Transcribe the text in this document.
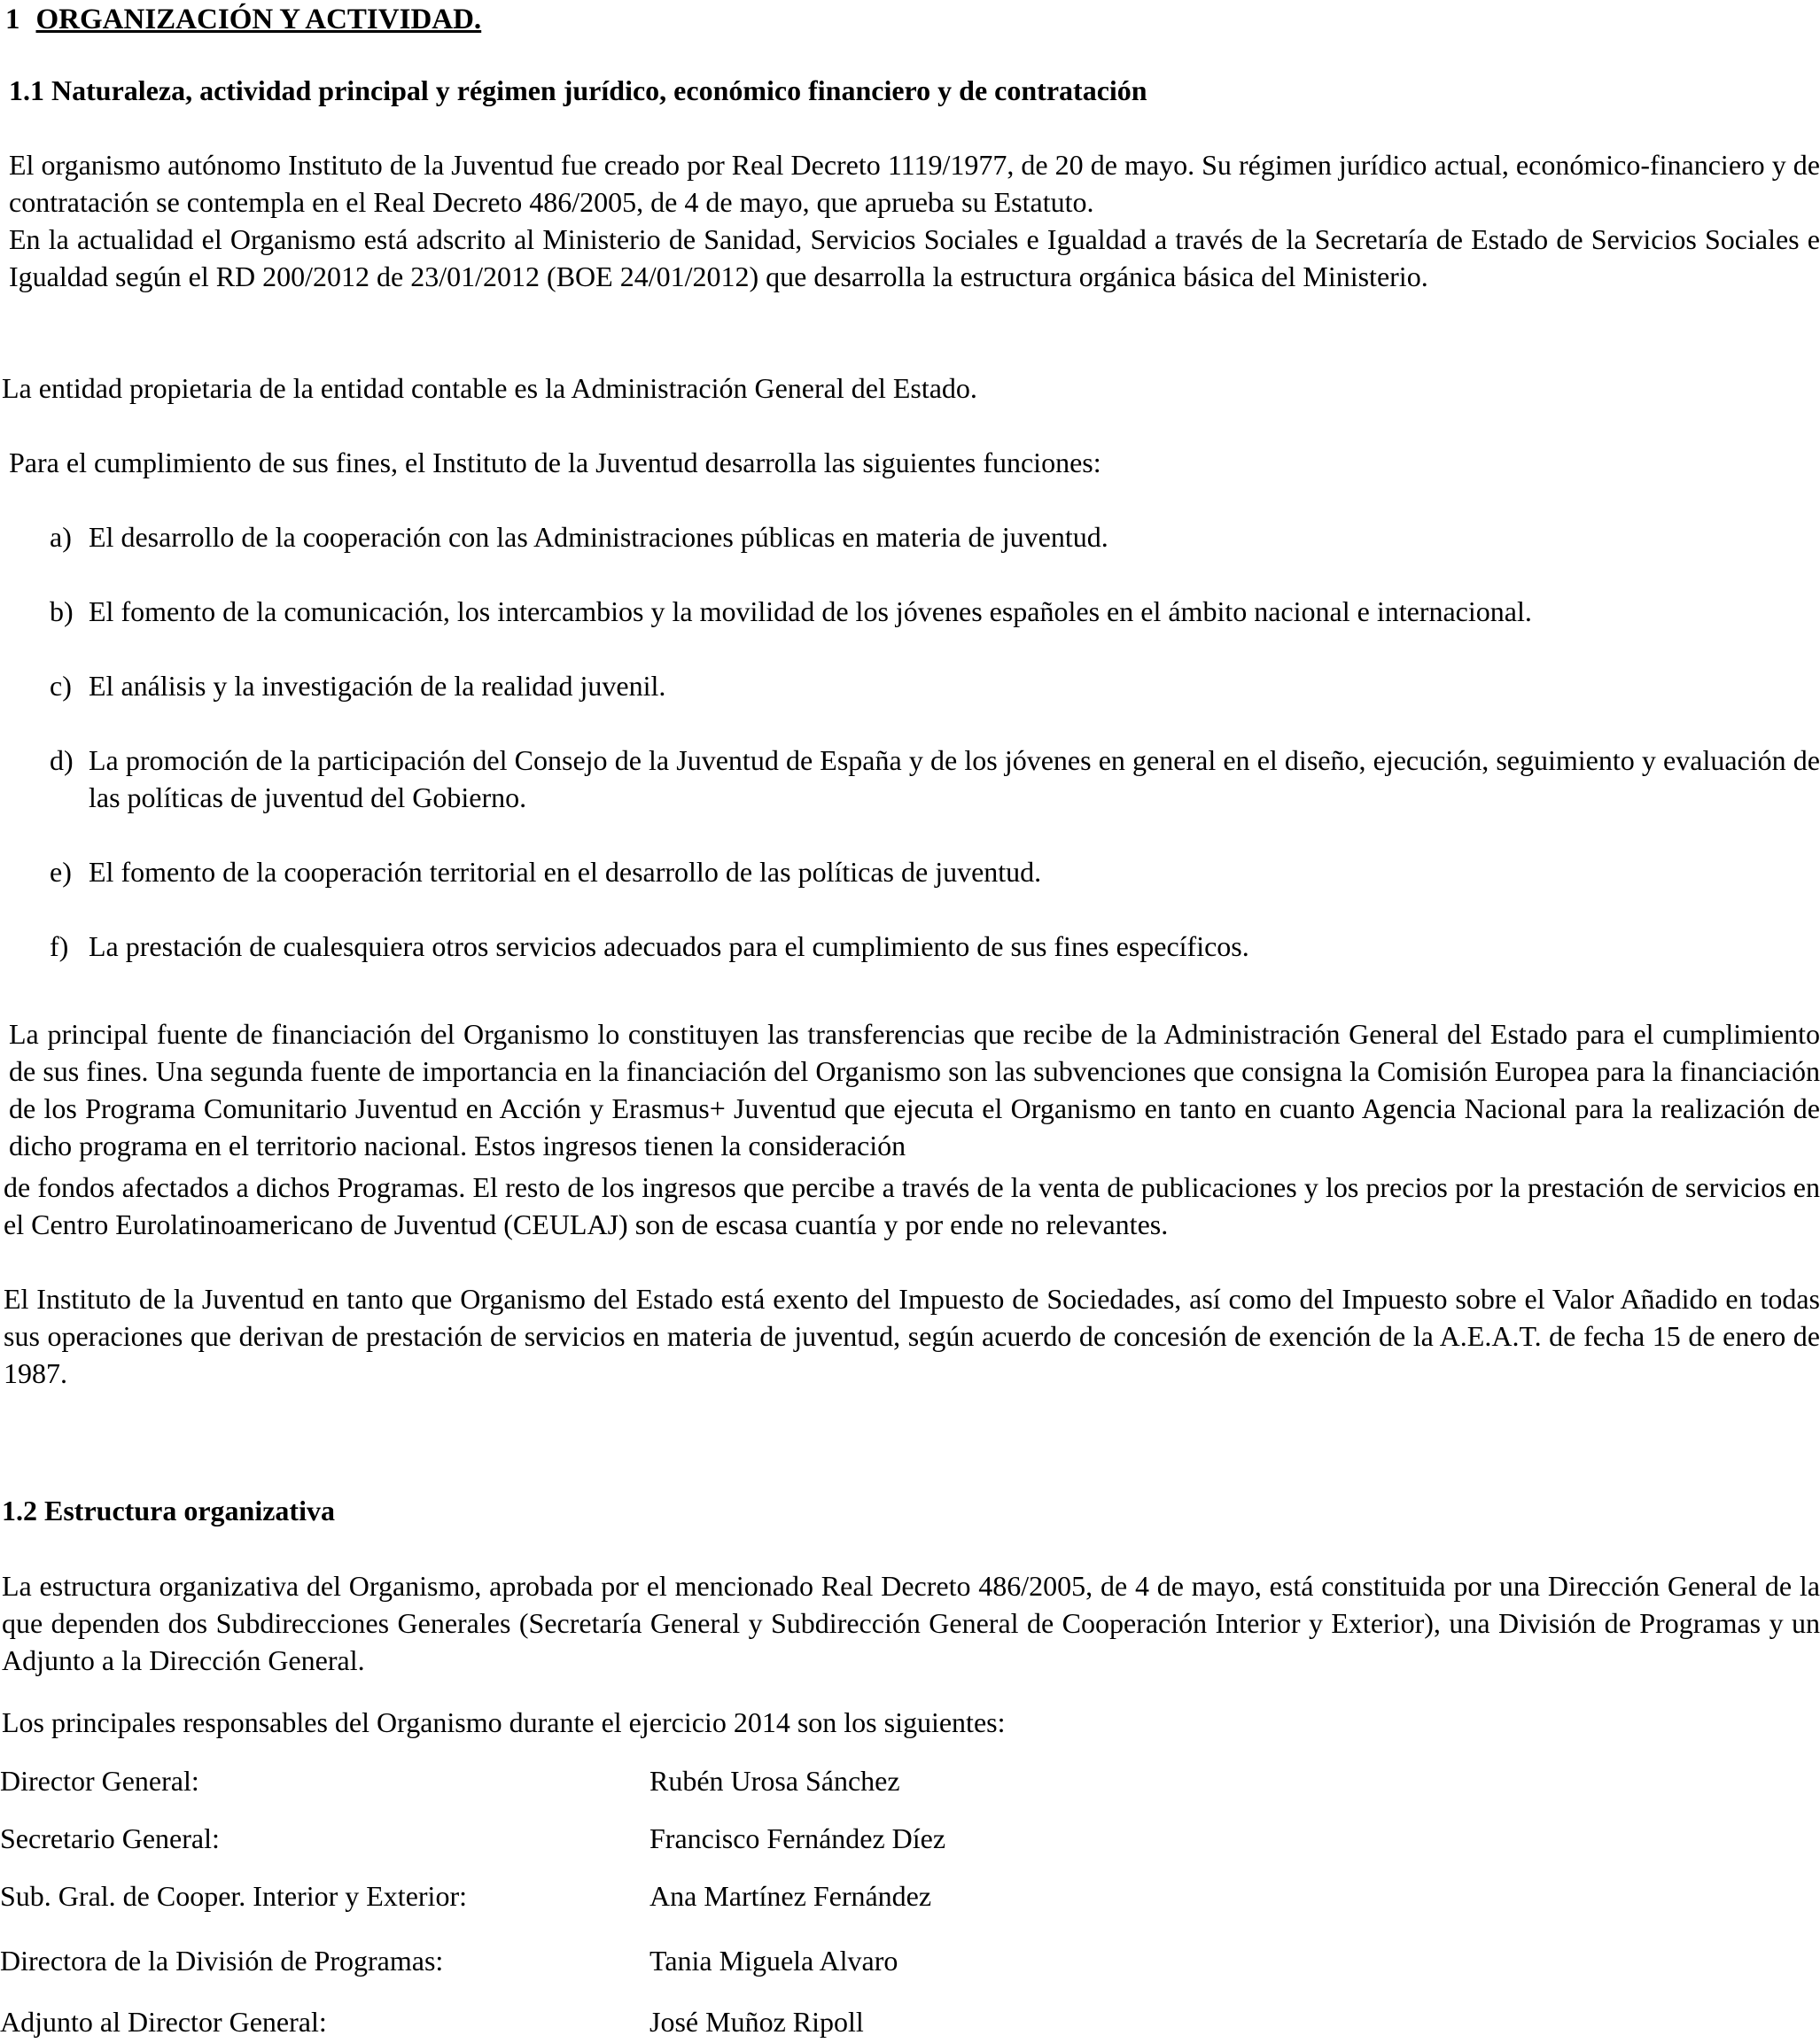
1 ORGANIZACIÓN Y ACTIVIDAD.
1.1 Naturaleza, actividad principal y régimen jurídico, económico financiero y de contratación

El organismo autónomo Instituto de la Juventud fue creado por Real Decreto 1119/1977, de 20 de mayo. Su régimen jurídico actual, económico-financiero y de contratación se contempla en el Real Decreto 486/2005, de 4 de mayo, que aprueba su Estatuto.

En la actualidad el Organismo está adscrito al Ministerio de Sanidad, Servicios Sociales e Igualdad a través de la Secretaría de Estado de Servicios Sociales e Igualdad según el RD 200/2012 de 23/01/2012 (BOE 24/01/2012) que desarrolla la estructura orgánica básica del Ministerio.

La entidad propietaria de la entidad contable es la Administración General del Estado.

Para el cumplimiento de sus fines, el Instituto de la Juventud desarrolla las siguientes funciones:

a) El desarrollo de la cooperación con las Administraciones públicas en materia de juventud.
b) El fomento de la comunicación, los intercambios y la movilidad de los jóvenes españoles en el ámbito nacional e internacional.
c) El análisis y la investigación de la realidad juvenil.
d) La promoción de la participación del Consejo de la Juventud de España y de los jóvenes en general en el diseño, ejecución, seguimiento y evaluación de las políticas de juventud del Gobierno.
e) El fomento de la cooperación territorial en el desarrollo de las políticas de juventud.
f) La prestación de cualesquiera otros servicios adecuados para el cumplimiento de sus fines específicos.

La principal fuente de financiación del Organismo lo constituyen las transferencias que recibe de la Administración General del Estado para el cumplimiento de sus fines. Una segunda fuente de importancia en la financiación del Organismo son las subvenciones que consigna la Comisión Europea para la financiación de los Programa Comunitario Juventud en Acción y Erasmus+ Juventud que ejecuta el Organismo en tanto en cuanto Agencia Nacional para la realización de dicho programa en el territorio nacional. Estos ingresos tienen la consideración

de fondos afectados a dichos Programas. El resto de los ingresos que percibe a través de la venta de publicaciones y los precios por la prestación de servicios en el Centro Eurolatinoamericano de Juventud (CEULAJ) son de escasa cuantía y por ende no relevantes.

El Instituto de la Juventud en tanto que Organismo del Estado está exento del Impuesto de Sociedades, así como del Impuesto sobre el Valor Añadido en todas sus operaciones que derivan de prestación de servicios en materia de juventud, según acuerdo de concesión de exención de la A.E.A.T. de fecha 15 de enero de 1987.

1.2 Estructura organizativa

La estructura organizativa del Organismo, aprobada por el mencionado Real Decreto 486/2005, de 4 de mayo, está constituida por una Dirección General de la que dependen dos Subdirecciones Generales (Secretaría General y Subdirección General de Cooperación Interior y Exterior), una División de Programas y un Adjunto a la Dirección General.

Los principales responsables del Organismo durante el ejercicio 2014 son los siguientes:

Director General:	Rubén Urosa Sánchez
Secretario General:	Francisco Fernández Díez
Sub. Gral. de Cooper. Interior y Exterior:	Ana Martínez Fernández
Directora de la División de Programas:	Tania Miguela Alvaro
Adjunto al Director General:	José Muñoz Ripoll
